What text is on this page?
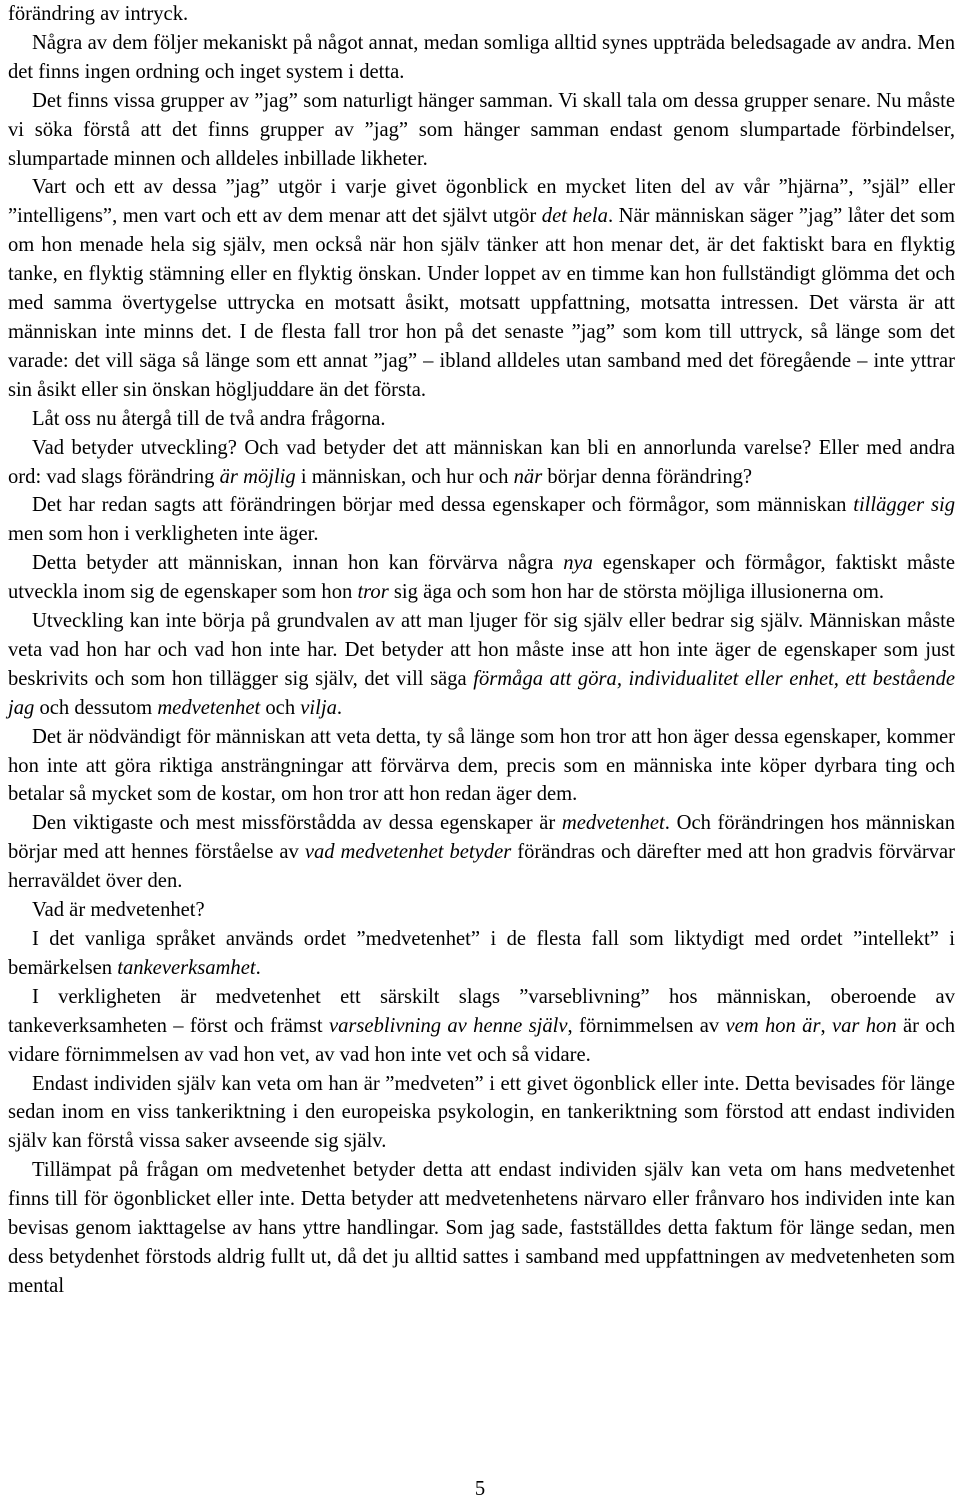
förändring av intryck.

Några av dem följer mekaniskt på något annat, medan somliga alltid synes uppträda beledsagade av andra. Men det finns ingen ordning och inget system i detta.

Det finns vissa grupper av ”jag” som naturligt hänger samman. Vi skall tala om dessa grupper senare. Nu måste vi söka förstå att det finns grupper av ”jag” som hänger samman endast genom slumpartade förbindelser, slumpartade minnen och alldeles inbillade likheter.

Vart och ett av dessa ”jag” utgör i varje givet ögonblick en mycket liten del av vår ”hjärna”, ”själ” eller ”intelligens”, men vart och ett av dem menar att det självt utgör det hela. När människan säger ”jag” låter det som om hon menade hela sig själv, men också när hon själv tänker att hon menar det, är det faktiskt bara en flyktig tanke, en flyktig stämning eller en flyktig önskan. Under loppet av en timme kan hon fullständigt glömma det och med samma övertygelse uttrycka en motsatt åsikt, motsatt uppfattning, motsatta intressen. Det värsta är att människan inte minns det. I de flesta fall tror hon på det senaste ”jag” som kom till uttryck, så länge som det varade: det vill säga så länge som ett annat ”jag” – ibland alldeles utan samband med det föregående – inte yttrar sin åsikt eller sin önskan högljuddare än det första.

Låt oss nu återgå till de två andra frågorna.

Vad betyder utveckling? Och vad betyder det att människan kan bli en annorlunda varelse? Eller med andra ord: vad slags förändring är möjlig i människan, och hur och när börjar denna förändring?

Det har redan sagts att förändringen börjar med dessa egenskaper och förmågor, som människan tillägger sig men som hon i verkligheten inte äger.

Detta betyder att människan, innan hon kan förvärva några nya egenskaper och förmågor, faktiskt måste utveckla inom sig de egenskaper som hon tror sig äga och som hon har de största möjliga illusionerna om.

Utveckling kan inte börja på grundvalen av att man ljuger för sig själv eller bedrar sig själv. Människan måste veta vad hon har och vad hon inte har. Det betyder att hon måste inse att hon inte äger de egenskaper som just beskrivits och som hon tillägger sig själv, det vill säga förmåga att göra, individualitet eller enhet, ett bestående jag och dessutom medvetenhet och vilja.

Det är nödvändigt för människan att veta detta, ty så länge som hon tror att hon äger dessa egenskaper, kommer hon inte att göra riktiga ansträngningar att förvärva dem, precis som en människa inte köper dyrbara ting och betalar så mycket som de kostar, om hon tror att hon redan äger dem.

Den viktigaste och mest missförstådda av dessa egenskaper är medvetenhet. Och förändringen hos människan börjar med att hennes förståelse av vad medvetenhet betyder förändras och därefter med att hon gradvis förvärvar herraväldet över den.

Vad är medvetenhet?

I det vanliga språket används ordet ”medvetenhet” i de flesta fall som liktydigt med ordet ”intellekt” i bemärkelsen tankeverksamhet.

I verkligheten är medvetenhet ett särskilt slags ”varseblivning” hos människan, oberoende av tankeverksamheten – först och främst varseblivning av henne själv, förnimmelsen av vem hon är, var hon är och vidare förnimmelsen av vad hon vet, av vad hon inte vet och så vidare.

Endast individen själv kan veta om han är ”medveten” i ett givet ögonblick eller inte. Detta bevisades för länge sedan inom en viss tankeriktning i den europeiska psykologin, en tankeriktning som förstod att endast individen själv kan förstå vissa saker avseende sig själv.

Tillämpat på frågan om medvetenhet betyder detta att endast individen själv kan veta om hans medvetenhet finns till för ögonblicket eller inte. Detta betyder att medvetenhetens närvaro eller frånvaro hos individen inte kan bevisas genom iakttagelse av hans yttre handlingar. Som jag sade, fastställdes detta faktum för länge sedan, men dess betydenhet förstods aldrig fullt ut, då det ju alltid sattes i samband med uppfattningen av medvetenheten som mental

5
